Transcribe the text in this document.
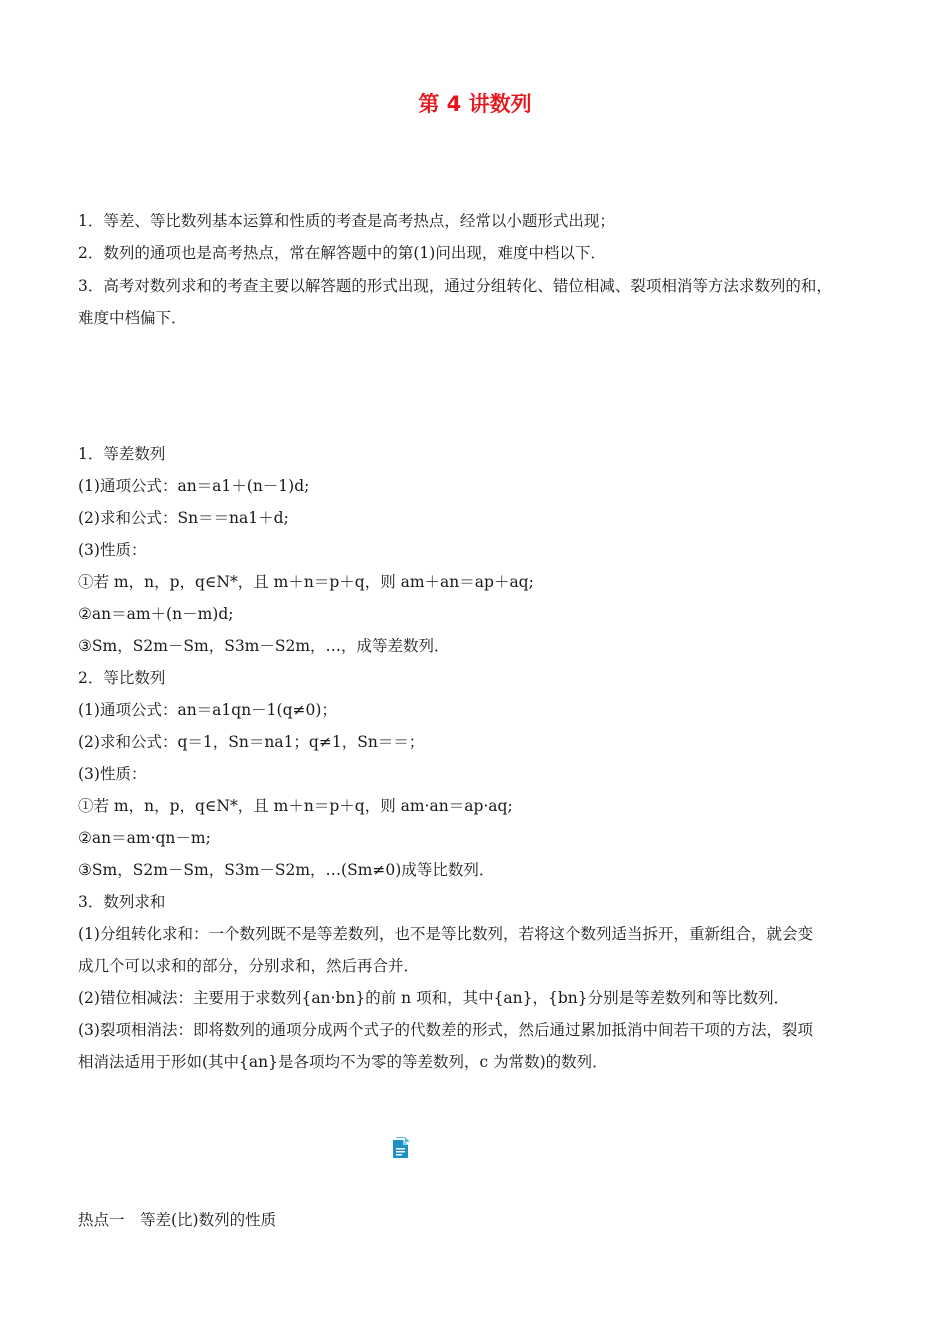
第 4 讲数列
1．等差、等比数列基本运算和性质的考查是高考热点，经常以小题形式出现；
2．数列的通项也是高考热点，常在解答题中的第(1)问出现，难度中档以下．
3．高考对数列求和的考查主要以解答题的形式出现，通过分组转化、错位相减、裂项相消等方法求数列的和，
难度中档偏下．
1．等差数列
(1)通项公式：an＝a1＋(n－1)d;
(2)求和公式：Sn＝＝na1＋d;
(3)性质：
①若 m，n，p，q∈N*，且 m＋n＝p＋q，则 am＋an＝ap＋aq;
②an＝am＋(n－m)d;
③Sm，S2m－Sm，S3m－S2m，…，成等差数列．
2．等比数列
(1)通项公式：an＝a1qn－1(q≠0)；
(2)求和公式：q＝1，Sn＝na1；q≠1，Sn＝＝；
(3)性质：
①若 m，n，p，q∈N*，且 m＋n＝p＋q，则 am·an＝ap·aq;
②an＝am·qn－m;
③Sm，S2m－Sm，S3m－S2m，…(Sm≠0)成等比数列．
3．数列求和
(1)分组转化求和：一个数列既不是等差数列，也不是等比数列，若将这个数列适当拆开，重新组合，就会变
成几个可以求和的部分，分别求和，然后再合并．
(2)错位相减法：主要用于求数列{an·bn}的前 n 项和，其中{an}，{bn}分别是等差数列和等比数列．
(3)裂项相消法：即将数列的通项分成两个式子的代数差的形式，然后通过累加抵消中间若干项的方法，裂项
相消法适用于形如(其中{an}是各项均不为零的等差数列，c 为常数)的数列．
热点一　等差(比)数列的性质
